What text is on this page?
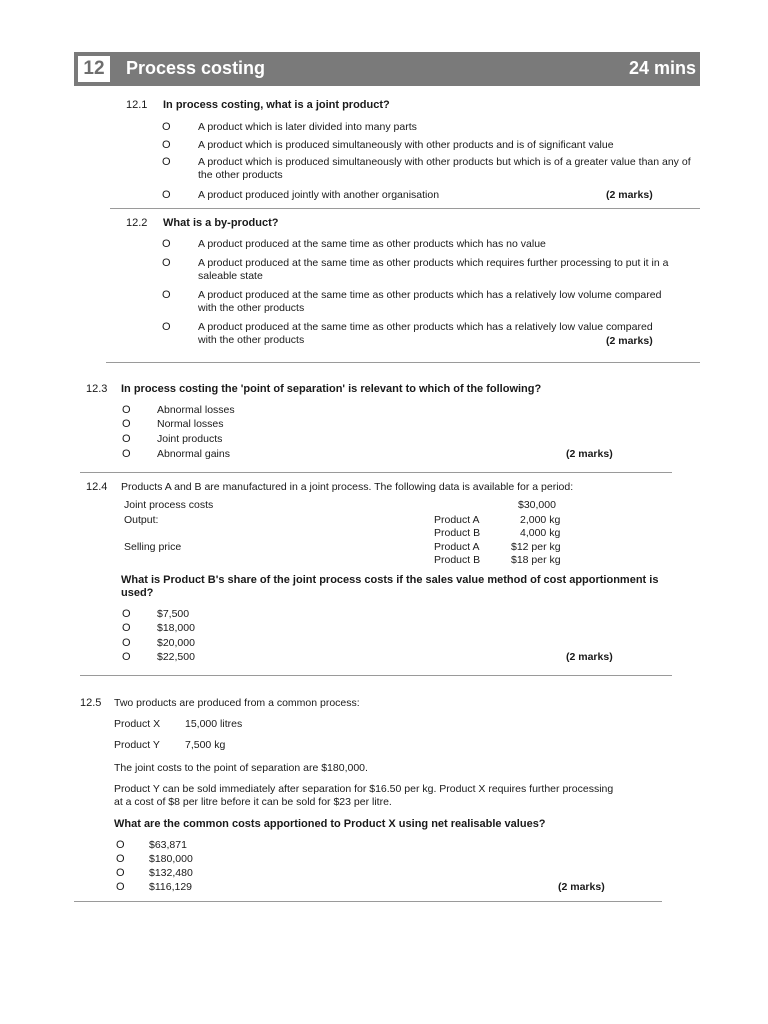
12	Process costing	24 mins
12.1 In process costing, what is a joint product?
O	A product which is later divided into many parts
O	A product which is produced simultaneously with other products and is of significant value
O	A product which is produced simultaneously with other products but which is of a greater value than any of the other products
O	A product produced jointly with another organisation	(2 marks)
12.2 What is a by-product?
O	A product produced at the same time as other products which has no value
O	A product produced at the same time as other products which requires further processing to put it in a saleable state
O	A product produced at the same time as other products which has a relatively low volume compared with the other products
O	A product produced at the same time as other products which has a relatively low value compared with the other products	(2 marks)
12.3 In process costing the 'point of separation' is relevant to which of the following?
O	Abnormal losses
O	Normal losses
O	Joint products
O	Abnormal gains	(2 marks)
12.4 Products A and B are manufactured in a joint process. The following data is available for a period:
Joint process costs	$30,000
Output:	Product A	2,000 kg
Product B	4,000 kg
Selling price	Product A	$12 per kg
Product B	$18 per kg
What is Product B's share of the joint process costs if the sales value method of cost apportionment is used?
O	$7,500
O	$18,000
O	$20,000
O	$22,500	(2 marks)
12.5 Two products are produced from a common process:
Product X 15,000 litres
Product Y 7,500 kg
The joint costs to the point of separation are $180,000.
Product Y can be sold immediately after separation for $16.50 per kg. Product X requires further processing at a cost of $8 per litre before it can be sold for $23 per litre.
What are the common costs apportioned to Product X using net realisable values?
O $63,871
O $180,000
O $132,480
O $116,129	(2 marks)
